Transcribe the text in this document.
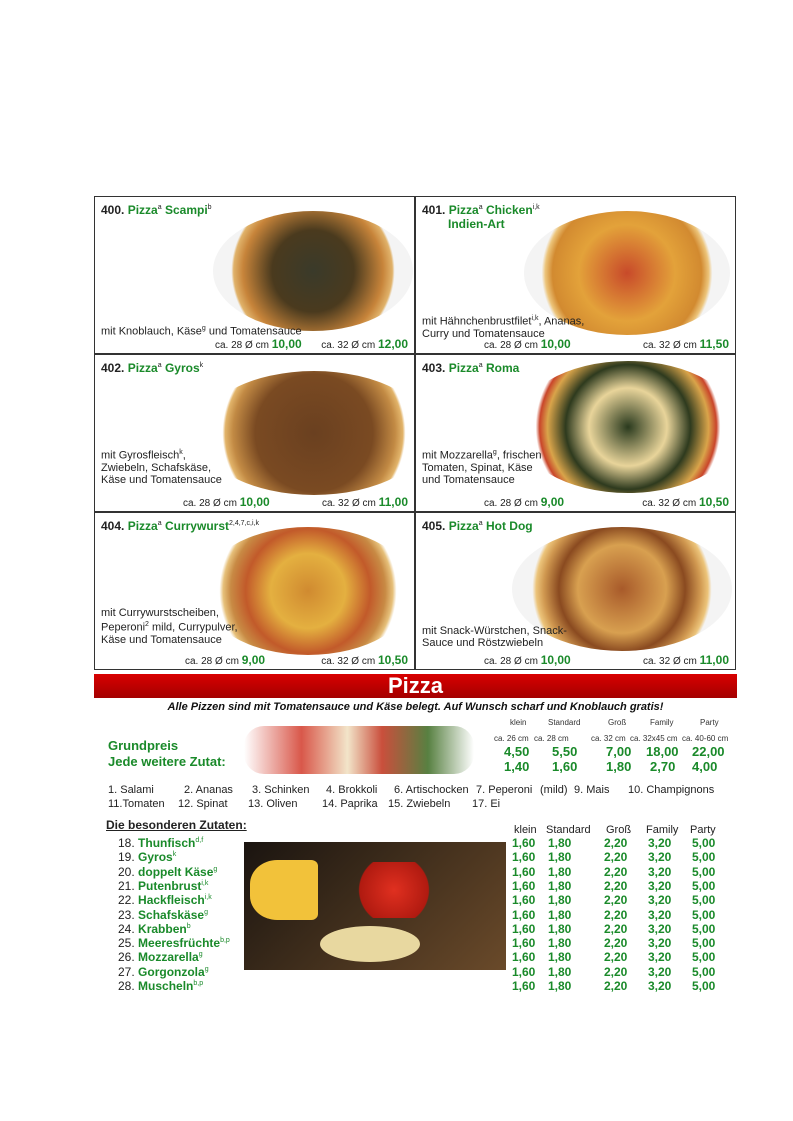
400. Pizza$^a$ Scampi$^b$
mit Knoblauch, Käse$^g$ und Tomatensauce
ca. 28 Ø cm 10,00 ca. 32 Ø cm 12,00
401. Pizza$^a$ Chicken$^{i,k}$
Indien-Art
mit Hähnchenbrustfilet$^{i,k}$, Ananas, Curry und Tomatensauce
ca. 28 Ø cm 10,00	ca. 32 Ø cm 11,50
402. Pizza$^a$ Gyros$^k$
mit Gyrosfleisch$^k$, Zwiebeln, Schafskäse, Käse und Tomatensauce
ca. 28 Ø cm 10,00	ca. 32 Ø cm 11,00
403. Pizza$^a$ Roma
mit Mozzarella$^g$, frischen Tomaten, Spinat, Käse und Tomatensauce
ca. 28 Ø cm 9,00	ca. 32 Ø cm 10,50
404. Pizza$^a$ Currywurst$^{2,4,7,c,i,k}$
mit Currywurstscheiben, Peperoni$^2$ mild, Currypulver, Käse und Tomatensauce
ca. 28 Ø cm 9,00	ca. 32 Ø cm 10,50
405. Pizza$^a$ Hot Dog
mit Snack-Würstchen, Snack-Sauce und Röstzwiebeln
ca. 28 Ø cm 10,00	ca. 32 Ø cm 11,00
Pizza
Alle Pizzen sind mit Tomatensauce und Käse belegt. Auf Wunsch scharf und Knoblauch gratis!
klein	Standard	Groß	Family	Party
ca. 26 cm ca. 28 cm	ca. 32 cm ca. 32x45 cm ca. 40-60 cm
Grundpreis
Jede weitere Zutat:
4,50 5,50 7,00 18,00 22,00
1,40 1,60 1,80 2,70 4,00
1. Salami	2. Ananas 3. Schinken 4. Brokkoli 6. Artischocken 7. Peperoni (mild) 9. Mais 10. Champignons
11.Tomaten 12. Spinat 13. Oliven 14. Paprika 15. Zwiebeln 17. Ei
Die besonderen Zutaten:	klein Standard Groß Family Party
18. Thunfisch$^{d,f}$	1,60 1,80	2,20 3,20 5,00
19. Gyros$^k$	1,60 1,80	2,20 3,20 5,00
20. doppelt Käse$^g$	1,60 1,80	2,20 3,20 5,00
21. Putenbrust$^{i,k}$	1,60 1,80	2,20 3,20 5,00
22. Hackfleisch$^{i,k}$	1,60 1,80	2,20 3,20 5,00
23. Schafskäse$^g$	1,60 1,80	2,20 3,20 5,00
24. Krabben$^b$	1,60 1,80	2,20 3,20 5,00
25. Meeresfrüchte$^{b,p}$	1,60 1,80	2,20 3,20 5,00
26. Mozzarella$^g$	1,60 1,80	2,20 3,20 5,00
27. Gorgonzola$^g$	1,60 1,80	2,20 3,20 5,00
28. Muscheln$^{b,p}$	1,60 1,80	2,20 3,20 5,00
